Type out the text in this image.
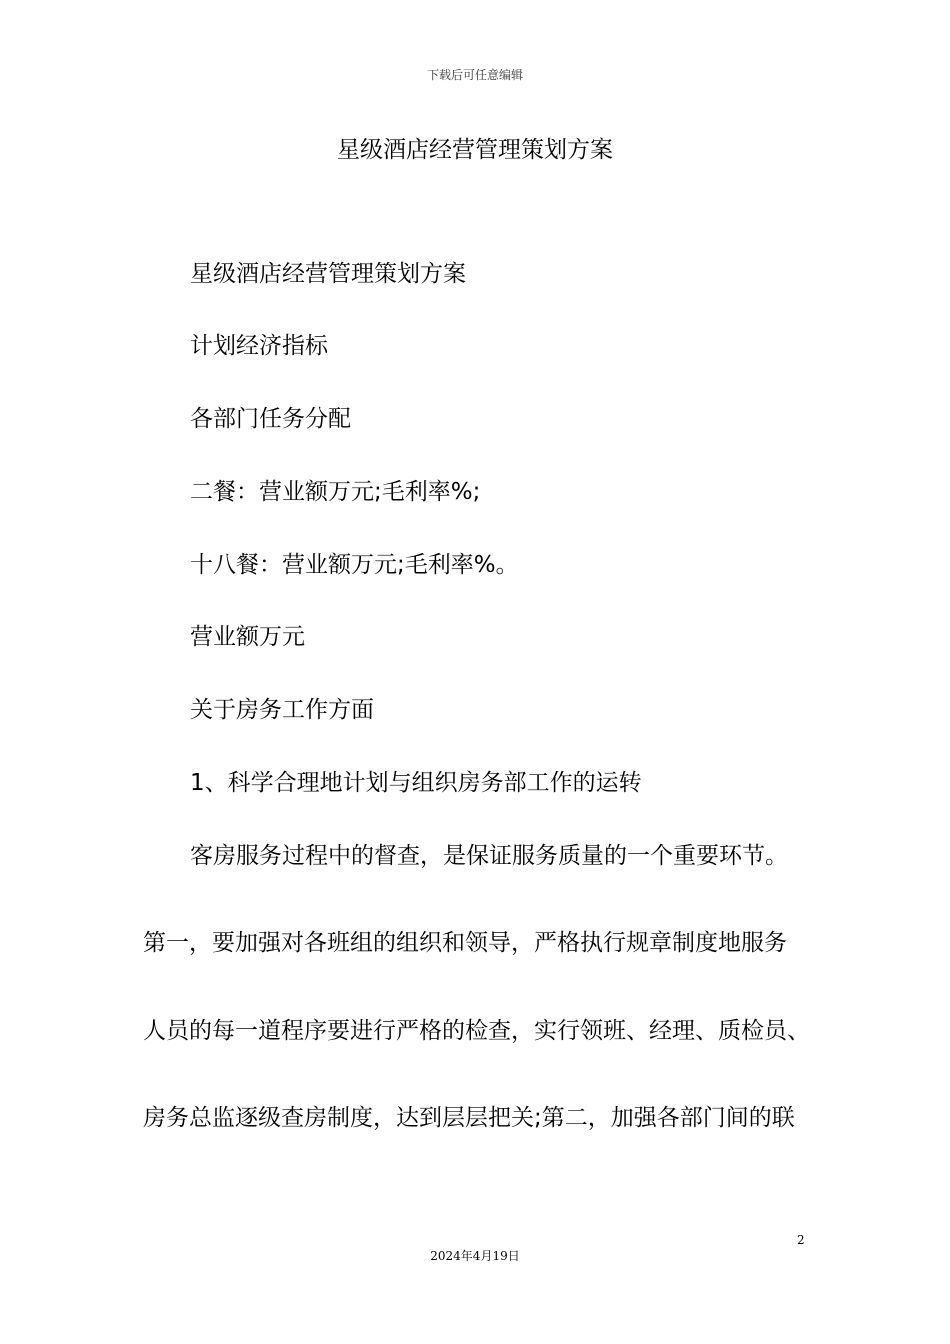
下载后可任意编辑
星级酒店经营管理策划方案
星级酒店经营管理策划方案
计划经济指标
各部门任务分配
二餐：营业额万元;毛利率%;
十八餐：营业额万元;毛利率%。
营业额万元
关于房务工作方面
1、科学合理地计划与组织房务部工作的运转
客房服务过程中的督查，是保证服务质量的一个重要环节。
第一，要加强对各班组的组织和领导，严格执行规章制度地服务
人员的每一道程序要进行严格的检查，实行领班、经理、质检员、
房务总监逐级查房制度，达到层层把关;第二，加强各部门间的联
2
2024年4月19日
